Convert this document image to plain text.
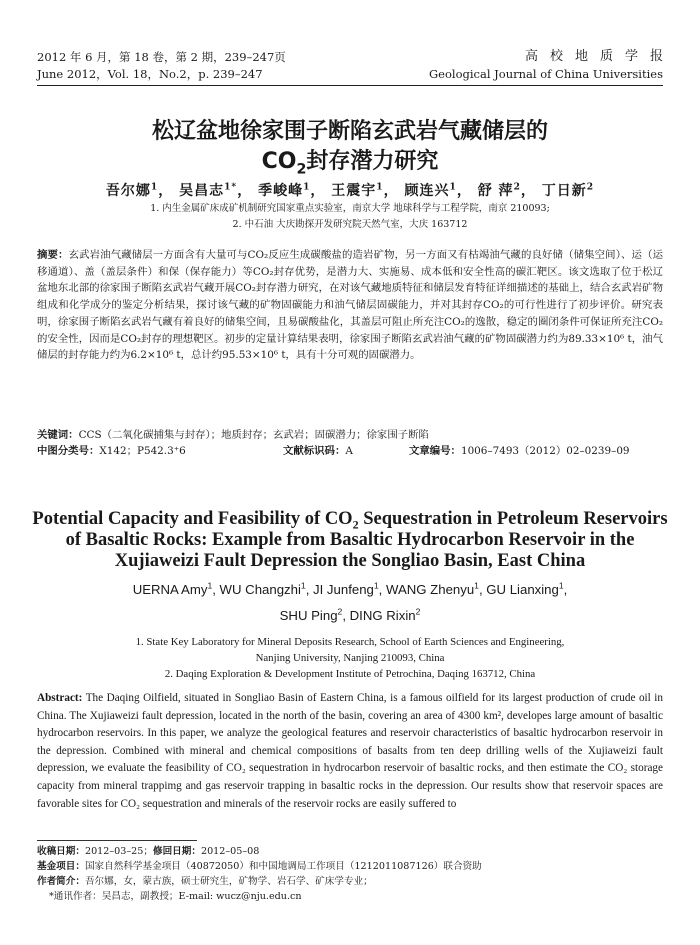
2012 年 6 月，第 18 卷，第 2 期，239–247页
June 2012，Vol. 18，No.2，p. 239–247
高校地质学报
Geological Journal of China Universities
松辽盆地徐家围子断陷玄武岩气藏储层的
$CO_2$封存潜力研究
吾尔娜$^1$， 吴昌志$^{1*}$， 季峻峰$^1$， 王震宇$^1$， 顾连兴$^1$， 舒 萍$^2$， 丁日新$^2$
1. 内生金属矿床成矿机制研究国家重点实验室，南京大学 地球科学与工程学院，南京 210093;
2. 中石油 大庆勘探开发研究院天然气室，大庆 163712
摘要：玄武岩油气藏储层一方面含有大量可与CO₂反应生成碳酸盐的造岩矿物，另一方面又有枯竭油气藏的良好储（储集空间）、运（运移通道）、盖（盖层条件）和保（保存能力）等CO₂封存优势，是潜力大、实施易、成本低和安全性高的碳汇靶区。该文选取了位于松辽盆地东北部的徐家围子断陷玄武岩气藏开展CO₂封存潜力研究，在对该气藏地质特征和储层发育特征详细描述的基础上，结合玄武岩矿物组成和化学成分的鉴定分析结果，探讨该气藏的矿物固碳能力和油气储层固碳能力，并对其封存CO₂的可行性进行了初步评价。研究表明，徐家围子断陷玄武岩气藏有着良好的储集空间，且易碳酸盐化，其盖层可阻止所充注CO₂的逸散，稳定的圈闭条件可保证所充注CO₂的安全性，因而是CO₂封存的理想靶区。初步的定量计算结果表明，徐家围子断陷玄武岩油气藏的矿物固碳潜力约为89.33×10⁶ t，油气储层的封存能力约为6.2×10⁶ t，总计约95.53×10⁶ t，具有十分可观的固碳潜力。
关键词：CCS（二氧化碳捕集与封存）；地质封存；玄武岩；固碳潜力；徐家围子断陷
中图分类号：X142；P542.3⁺6	文献标识码：A	文章编号：1006–7493（2012）02–0239–09
Potential Capacity and Feasibility of $CO_2$ Sequestration in Petroleum Reservoirs
of Basaltic Rocks: Example from Basaltic Hydrocarbon Reservoir in the
Xujiaweizi Fault Depression the Songliao Basin, East China
UERNA Amy$^1$, WU Changzhi$^1$, JI Junfeng$^1$, WANG Zhenyu$^1$, GU Lianxing$^1$,
SHU Ping$^2$, DING Rixin$^2$
1. State Key Laboratory for Mineral Deposits Research, School of Earth Sciences and Engineering,
Nanjing University, Nanjing 210093, China
2. Daqing Exploration & Development Institute of Petrochina, Daqing 163712, China
Abstract: The Daqing Oilfield, situated in Songliao Basin of Eastern China, is a famous oilfield for its largest production of crude oil in China. The Xujiaweizi fault depression, located in the north of the basin, covering an area of 4300 km², developes large amount of basaltic hydrocarbon reservoirs. In this paper, we analyze the geological features and reservoir characteristics of basaltic hydrocarbon reservoir in the depression. Combined with mineral and chemical compositions of basalts from ten deep drilling wells of the Xujiaweizi fault depression, we evaluate the feasibility of CO₂ sequestration in hydrocarbon reservoir of basaltic rocks, and then estimate the CO₂ storage capacity from mineral trappimg and gas reservoir trapping in basaltic rocks in the depression. Our results show that reservoir spaces are favorable sites for CO₂ sequestration and minerals of the reservoir rocks are easily suffered to
收稿日期：2012–03–25；修回日期：2012–05–08
基金项目：国家自然科学基金项目（40872050）和中国地调局工作项目（1212011087126）联合资助
作者简介：吾尔娜，女，蒙古族，硕士研究生，矿物学、岩石学、矿床学专业；
*通讯作者：吴昌志，副教授；E-mail: wucz@nju.edu.cn
